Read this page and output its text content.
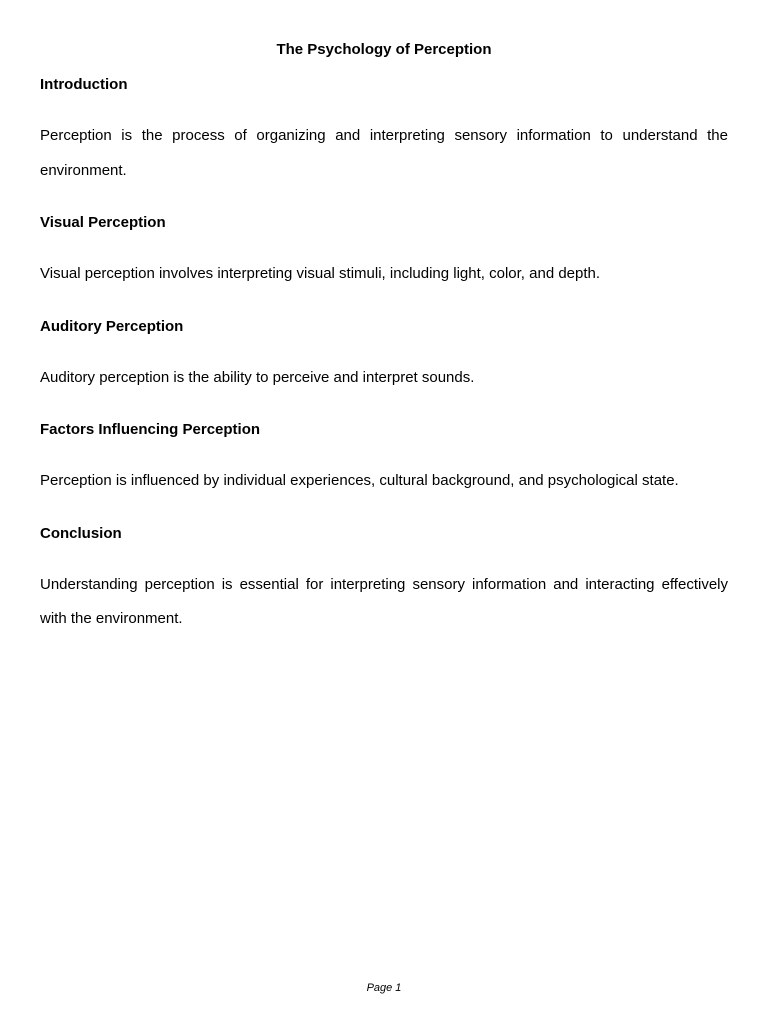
The Psychology of Perception
Introduction

Perception is the process of organizing and interpreting sensory information to understand the environment.

Visual Perception

Visual perception involves interpreting visual stimuli, including light, color, and depth.

Auditory Perception

Auditory perception is the ability to perceive and interpret sounds.

Factors Influencing Perception

Perception is influenced by individual experiences, cultural background, and psychological state.

Conclusion

Understanding perception is essential for interpreting sensory information and interacting effectively with the environment.

Page 1
